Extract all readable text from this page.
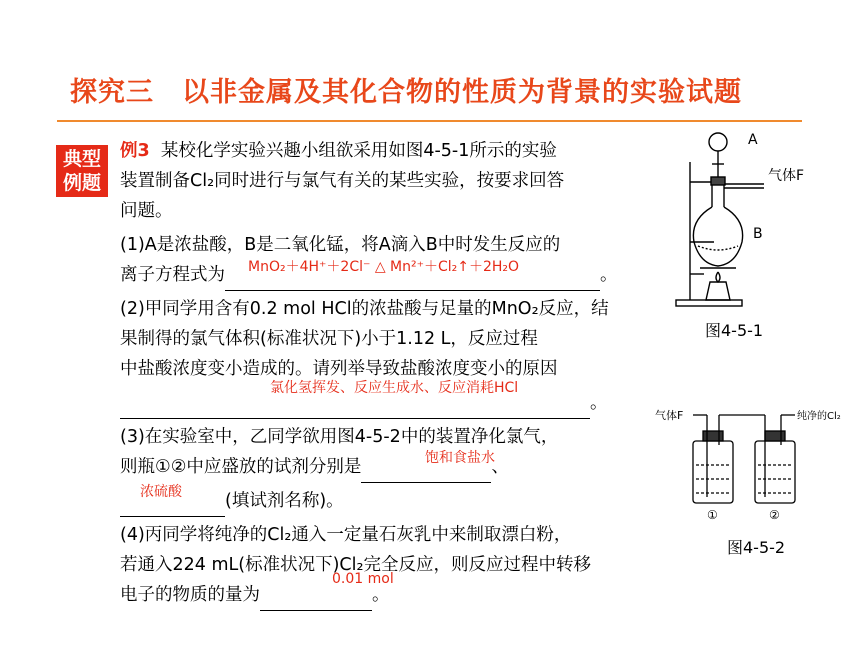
探究三　以非金属及其化合物的性质为背景的实验试题
典型
例题
例3 某校化学实验兴趣小组欲采用如图4-5-1所示的实验
装置制备Cl₂同时进行与氯气有关的某些实验，按要求回答
问题。
(1)A是浓盐酸，B是二氧化锰，将A滴入B中时发生反应的
离子方程式为	。
(2)甲同学用含有0.2 mol HCl的浓盐酸与足量的MnO₂反应，结
果制得的氯气体积(标准状况下)小于1.12 L，反应过程
中盐酸浓度变小造成的。请列举导致盐酸浓度变小的原因
。
(3)在实验室中，乙同学欲用图4-5-2中的装置净化氯气，
则瓶①②中应盛放的试剂分别是	、
(填试剂名称)。
(4)丙同学将纯净的Cl₂通入一定量石灰乳中来制取漂白粉，
若通入224 mL(标准状况下)Cl₂完全反应，则反应过程中转移
电子的物质的量为	。
MnO₂＋4H⁺＋2Cl⁻ △ Mn²⁺＋Cl₂↑＋2H₂O
氯化氢挥发、反应生成水、反应消耗HCl
饱和食盐水
浓硫酸
0.01 mol
A
B
气体F
图4-5-1
气体F	纯净的Cl₂
①	②
图4-5-2
